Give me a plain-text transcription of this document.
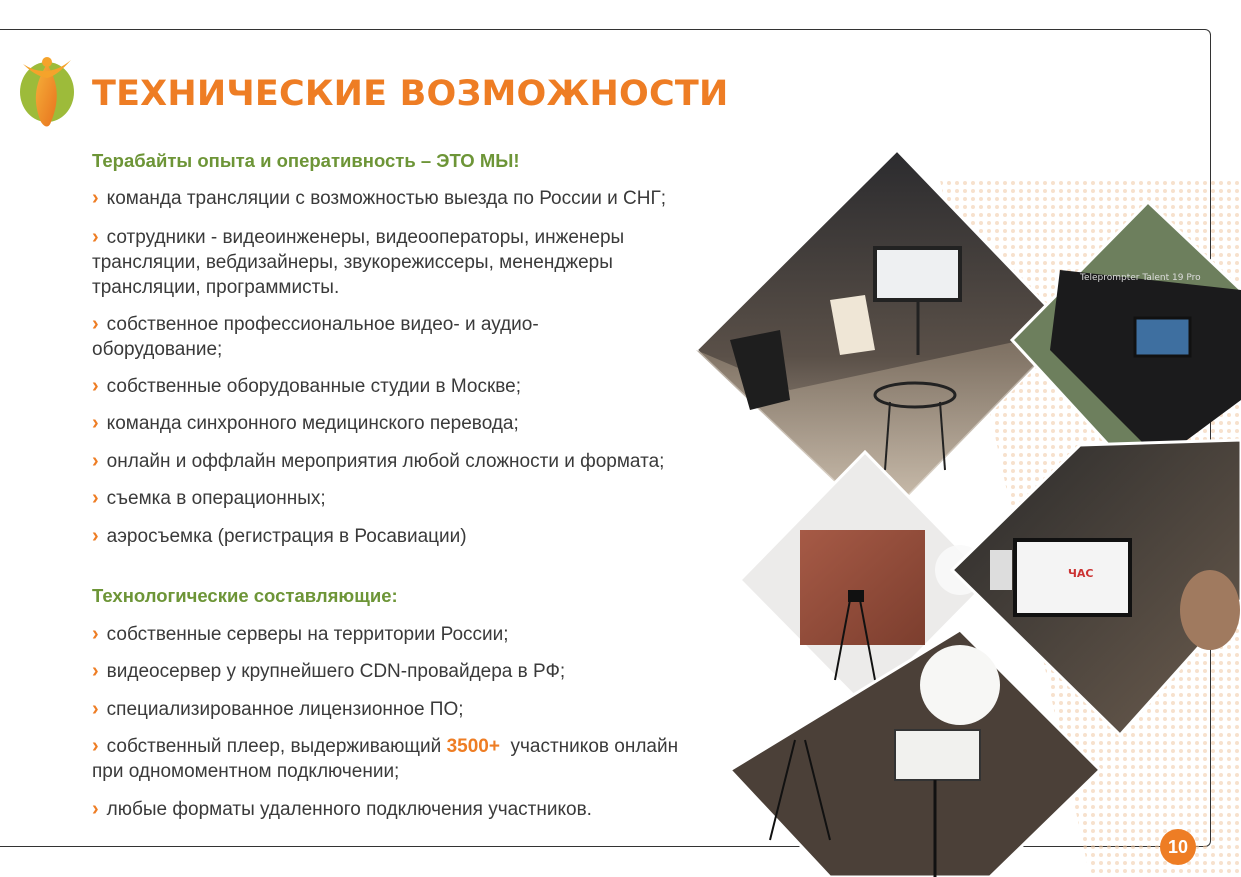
ТЕХНИЧЕСКИЕ ВОЗМОЖНОСТИ

Терабайты опыта и оперативность – ЭТО МЫ!

› команда трансляции с возможностью выезда по России и СНГ;

› сотрудники - видеоинженеры, видеооператоры, инженеры трансляции, вебдизайнеры, звукорежиссеры, мененджеры трансляции, программисты.

› собственное профессиональное видео- и аудио-оборудование;

› собственные оборудованные студии в Москве;

› команда синхронного медицинского перевода;

› онлайн и оффлайн мероприятия любой сложности и формата;

› съемка в операционных;

› аэросъемка (регистрация в Росавиации)

Технологические составляющие:

› собственные серверы на территории России;

› видеосервер у крупнейшего CDN-провайдера в РФ;

› специализированное лицензионное ПО;

› собственный плеер, выдерживающий 3500+ участников онлайн при одномоментном подключении;

› любые форматы удаленного подключения участников.

Teleprompter Talent 19 Pro
ЧАС
10
